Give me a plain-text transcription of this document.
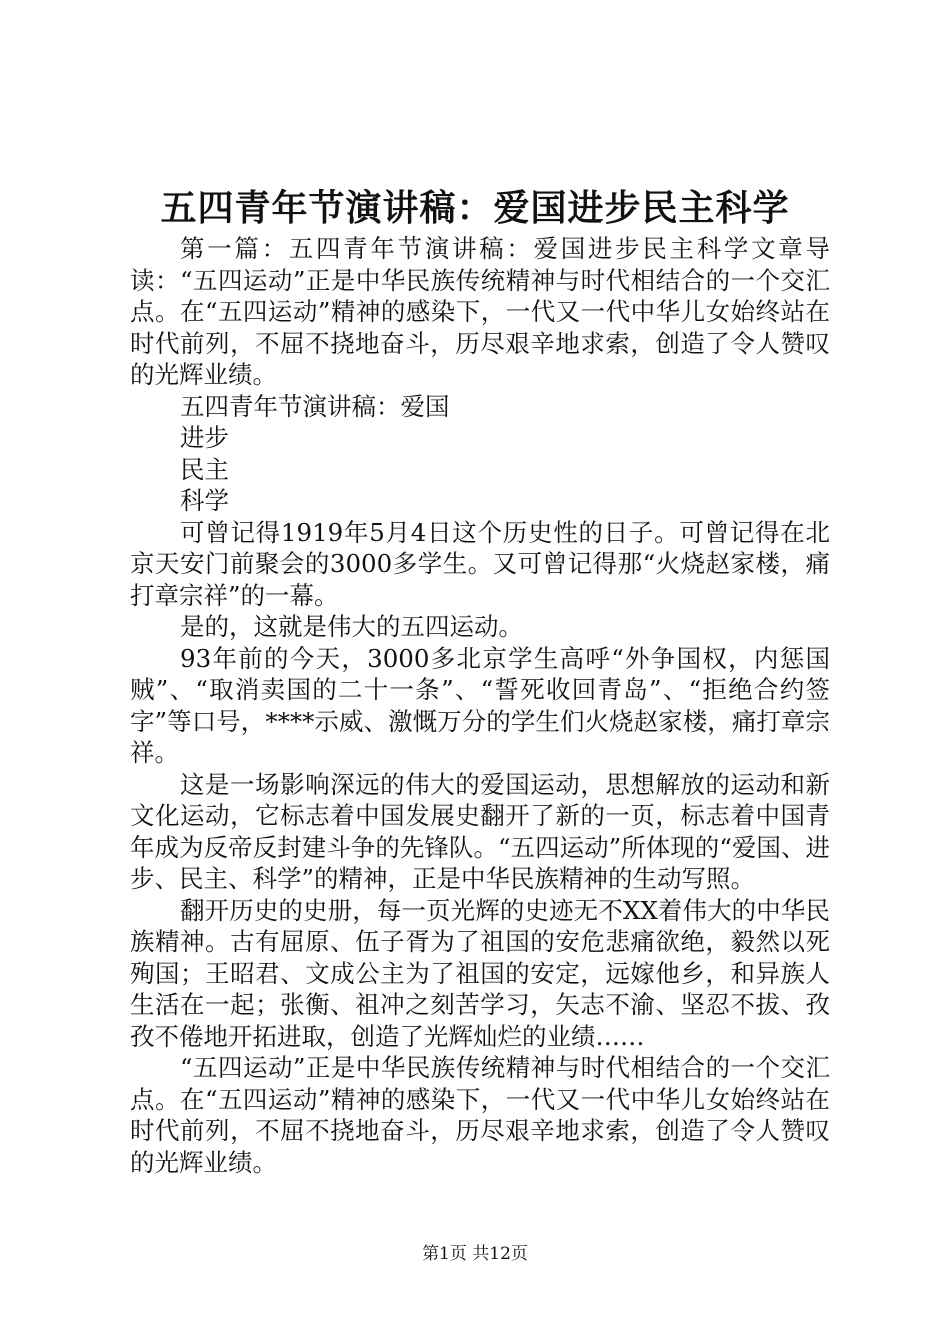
五四青年节演讲稿：爱国进步民主科学

第一篇：五四青年节演讲稿：爱国进步民主科学文章导读：“五四运动”正是中华民族传统精神与时代相结合的一个交汇点。在“五四运动”精神的感染下，一代又一代中华儿女始终站在时代前列，不屈不挠地奋斗，历尽艰辛地求索，创造了令人赞叹的光辉业绩。

五四青年节演讲稿：爱国

进步

民主

科学

可曾记得1919年5月4日这个历史性的日子。可曾记得在北京天安门前聚会的3000多学生。又可曾记得那“火烧赵家楼，痛打章宗祥”的一幕。

是的，这就是伟大的五四运动。

93年前的今天，3000多北京学生高呼“外争国权，内惩国贼”、“取消卖国的二十一条”、“誓死收回青岛”、“拒绝合约签字”等口号，****示威、激慨万分的学生们火烧赵家楼，痛打章宗祥。

这是一场影响深远的伟大的爱国运动，思想解放的运动和新文化运动，它标志着中国发展史翻开了新的一页，标志着中国青年成为反帝反封建斗争的先锋队。“五四运动”所体现的“爱国、进步、民主、科学”的精神，正是中华民族精神的生动写照。

翻开历史的史册，每一页光辉的史迹无不XX着伟大的中华民族精神。古有屈原、伍子胥为了祖国的安危悲痛欲绝，毅然以死殉国；王昭君、文成公主为了祖国的安定，远嫁他乡，和异族人生活在一起；张衡、祖冲之刻苦学习，矢志不渝、坚忍不拔、孜孜不倦地开拓进取，创造了光辉灿烂的业绩……

“五四运动”正是中华民族传统精神与时代相结合的一个交汇点。在“五四运动”精神的感染下，一代又一代中华儿女始终站在时代前列，不屈不挠地奋斗，历尽艰辛地求索，创造了令人赞叹的光辉业绩。

第1页 共12页
